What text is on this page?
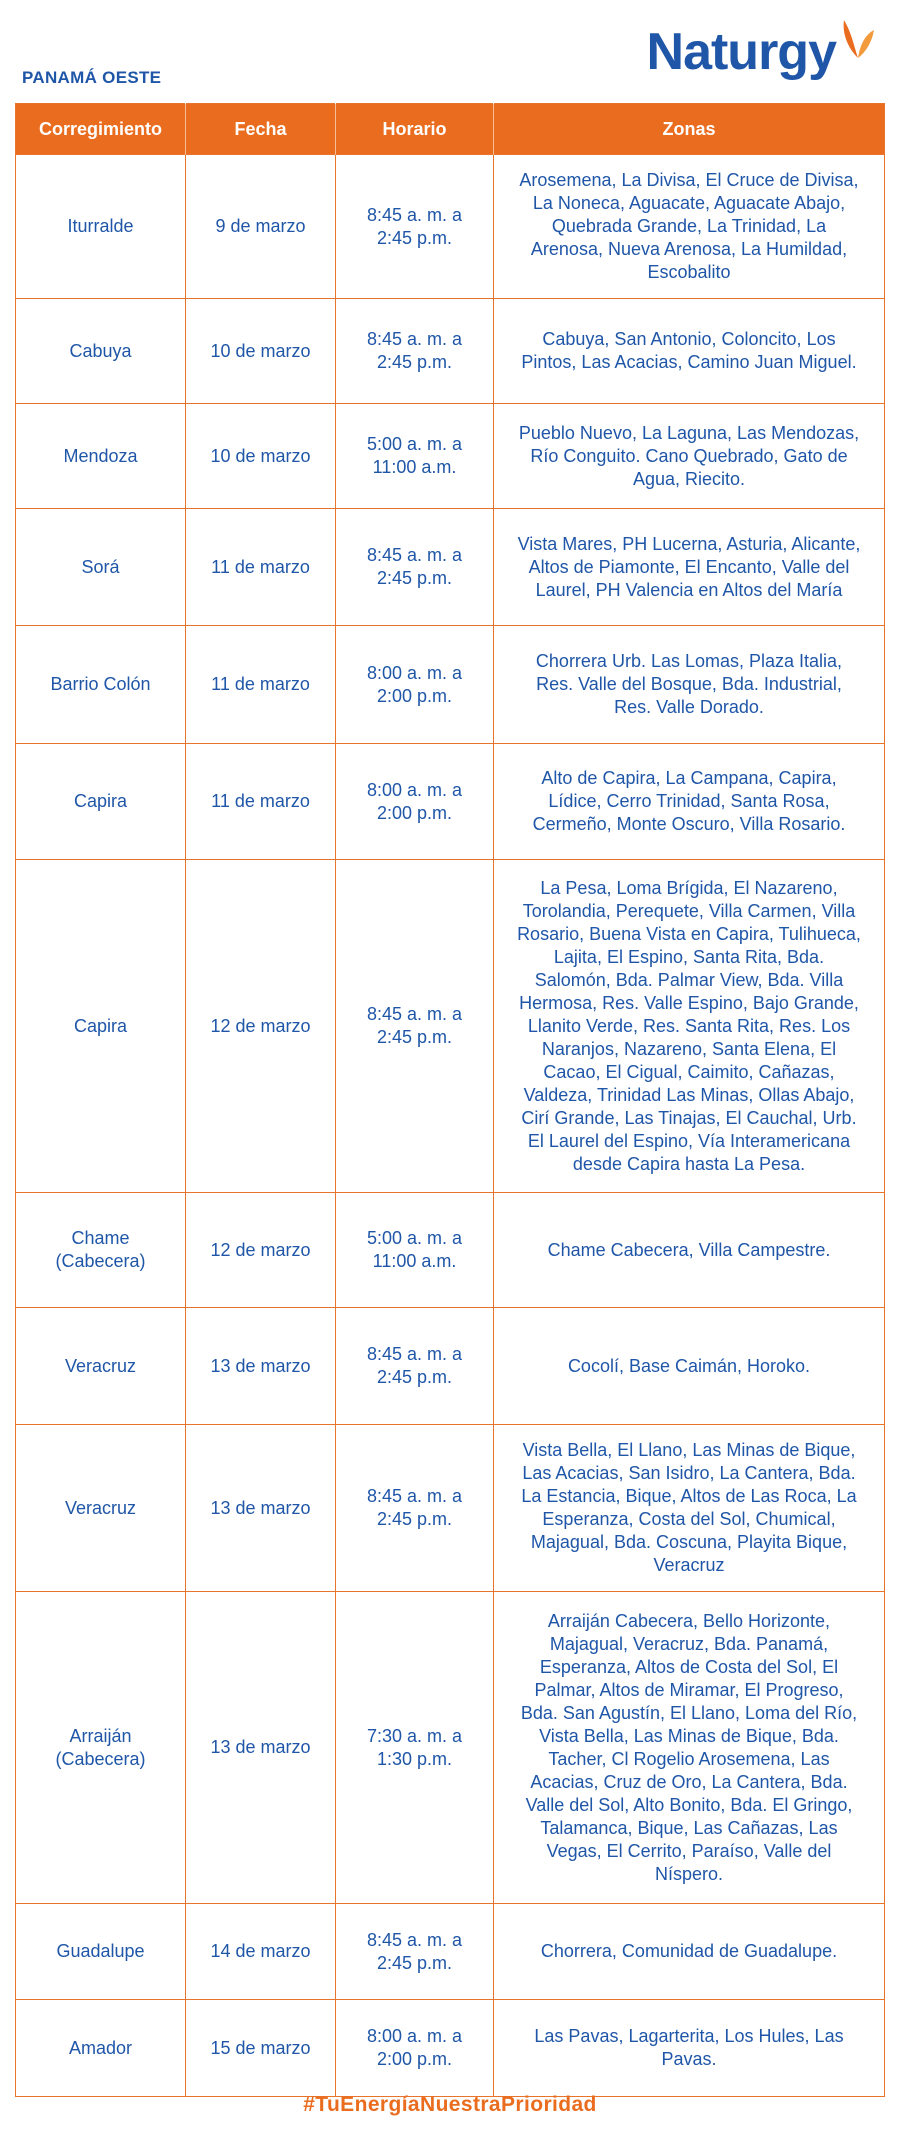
PANAMÁ OESTE	Naturgy
Corregimiento	Fecha	Horario	Zonas
Iturralde	9 de marzo	8:45 a. m. a 2:45 p.m.	Arosemena, La Divisa, El Cruce de Divisa, La Noneca, Aguacate, Aguacate Abajo, Quebrada Grande, La Trinidad, La Arenosa, Nueva Arenosa, La Humildad, Escobalito
Cabuya	10 de marzo	8:45 a. m. a 2:45 p.m.	Cabuya, San Antonio, Coloncito, Los Pintos, Las Acacias, Camino Juan Miguel.
Mendoza	10 de marzo	5:00 a. m. a 11:00 a.m.	Pueblo Nuevo, La Laguna, Las Mendozas, Río Conguito. Cano Quebrado, Gato de Agua, Riecito.
Sorá	11 de marzo	8:45 a. m. a 2:45 p.m.	Vista Mares, PH Lucerna, Asturia, Alicante, Altos de Piamonte, El Encanto, Valle del Laurel, PH Valencia en Altos del María
Barrio Colón	11 de marzo	8:00 a. m. a 2:00 p.m.	Chorrera Urb. Las Lomas, Plaza Italia, Res. Valle del Bosque, Bda. Industrial, Res. Valle Dorado.
Capira	11 de marzo	8:00 a. m. a 2:00 p.m.	Alto de Capira, La Campana, Capira, Lídice, Cerro Trinidad, Santa Rosa, Cermeño, Monte Oscuro, Villa Rosario.
Capira	12 de marzo	8:45 a. m. a 2:45 p.m.	La Pesa, Loma Brígida, El Nazareno, Torolandia, Perequete, Villa Carmen, Villa Rosario, Buena Vista en Capira, Tulihueca, Lajita, El Espino, Santa Rita, Bda. Salomón, Bda. Palmar View, Bda. Villa Hermosa, Res. Valle Espino, Bajo Grande, Llanito Verde, Res. Santa Rita, Res. Los Naranjos, Nazareno, Santa Elena, El Cacao, El Cigual, Caimito, Cañazas, Valdeza, Trinidad Las Minas, Ollas Abajo, Cirí Grande, Las Tinajas, El Cauchal, Urb. El Laurel del Espino, Vía Interamericana desde Capira hasta La Pesa.
Chame (Cabecera)	12 de marzo	5:00 a. m. a 11:00 a.m.	Chame Cabecera, Villa Campestre.
Veracruz	13 de marzo	8:45 a. m. a 2:45 p.m.	Cocolí, Base Caimán, Horoko.
Veracruz	13 de marzo	8:45 a. m. a 2:45 p.m.	Vista Bella, El Llano, Las Minas de Bique, Las Acacias, San Isidro, La Cantera, Bda. La Estancia, Bique, Altos de Las Roca, La Esperanza, Costa del Sol, Chumical, Majagual, Bda. Coscuna, Playita Bique, Veracruz
Arraiján (Cabecera)	13 de marzo	7:30 a. m. a 1:30 p.m.	Arraiján Cabecera, Bello Horizonte, Majagual, Veracruz, Bda. Panamá, Esperanza, Altos de Costa del Sol, El Palmar, Altos de Miramar, El Progreso, Bda. San Agustín, El Llano, Loma del Río, Vista Bella, Las Minas de Bique, Bda. Tacher, Cl Rogelio Arosemena, Las Acacias, Cruz de Oro, La Cantera, Bda. Valle del Sol, Alto Bonito, Bda. El Gringo, Talamanca, Bique, Las Cañazas, Las Vegas, El Cerrito, Paraíso, Valle del Níspero.
Guadalupe	14 de marzo	8:45 a. m. a 2:45 p.m.	Chorrera, Comunidad de Guadalupe.
Amador	15 de marzo	8:00 a. m. a 2:00 p.m.	Las Pavas, Lagarterita, Los Hules, Las Pavas.
#TuEnergíaNuestraPrioridad
